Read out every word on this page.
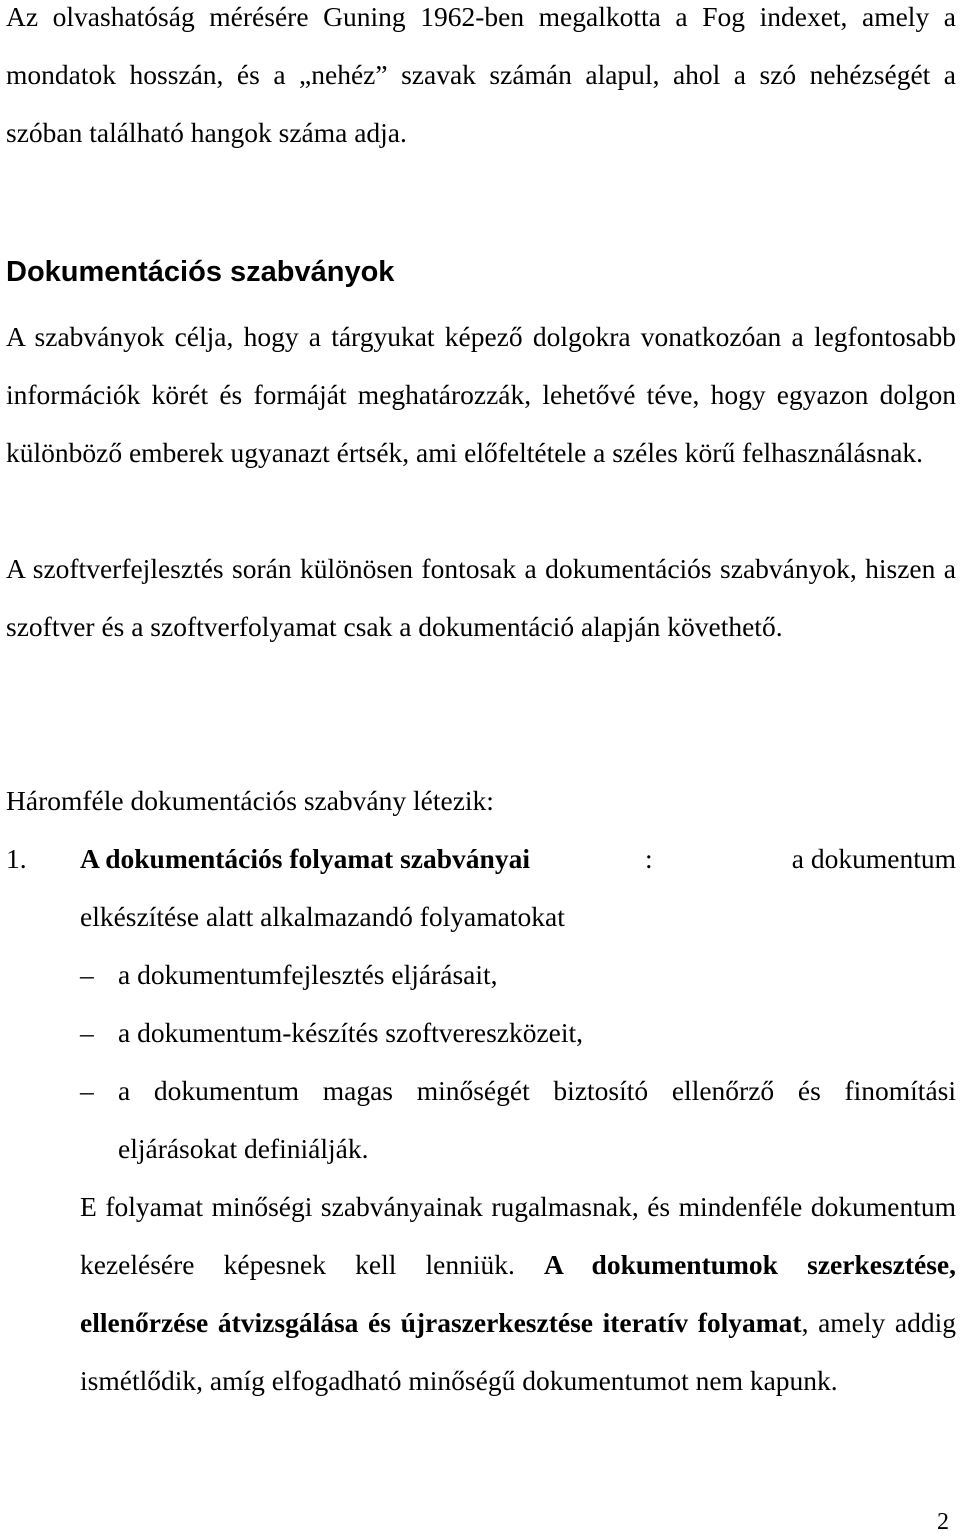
Az olvashatóság mérésére Guning 1962-ben megalkotta a Fog indexet, amely a mondatok hosszán, és a „nehéz” szavak számán alapul, ahol a szó nehézségét a szóban található hangok száma adja.

Dokumentációs szabványok

A szabványok célja, hogy a tárgyukat képező dolgokra vonatkozóan a legfontosabb információk körét és formáját meghatározzák, lehetővé téve, hogy egyazon dolgon különböző emberek ugyanazt értsék, ami előfeltétele a széles körű felhasználásnak.

A szoftverfejlesztés során különösen fontosak a dokumentációs szabványok, hiszen a szoftver és a szoftverfolyamat csak a dokumentáció alapján követhető.

Háromféle dokumentációs szabvány létezik:

1. A dokumentációs folyamat szabványai	:	a dokumentum

elkészítése alatt alkalmazandó folyamatokat

– a dokumentumfejlesztés eljárásait,
– a dokumentum-készítés szoftvereszközeit,
– a dokumentum magas minőségét biztosító ellenőrző és finomítási eljárásokat definiálják.

E folyamat minőségi szabványainak rugalmasnak, és mindenféle dokumentum kezelésére képesnek kell lenniük. A dokumentumok szerkesztése, ellenőrzése átvizsgálása és újraszerkesztése iteratív folyamat, amely addig ismétlődik, amíg elfogadható minőségű dokumentumot nem kapunk.

2
